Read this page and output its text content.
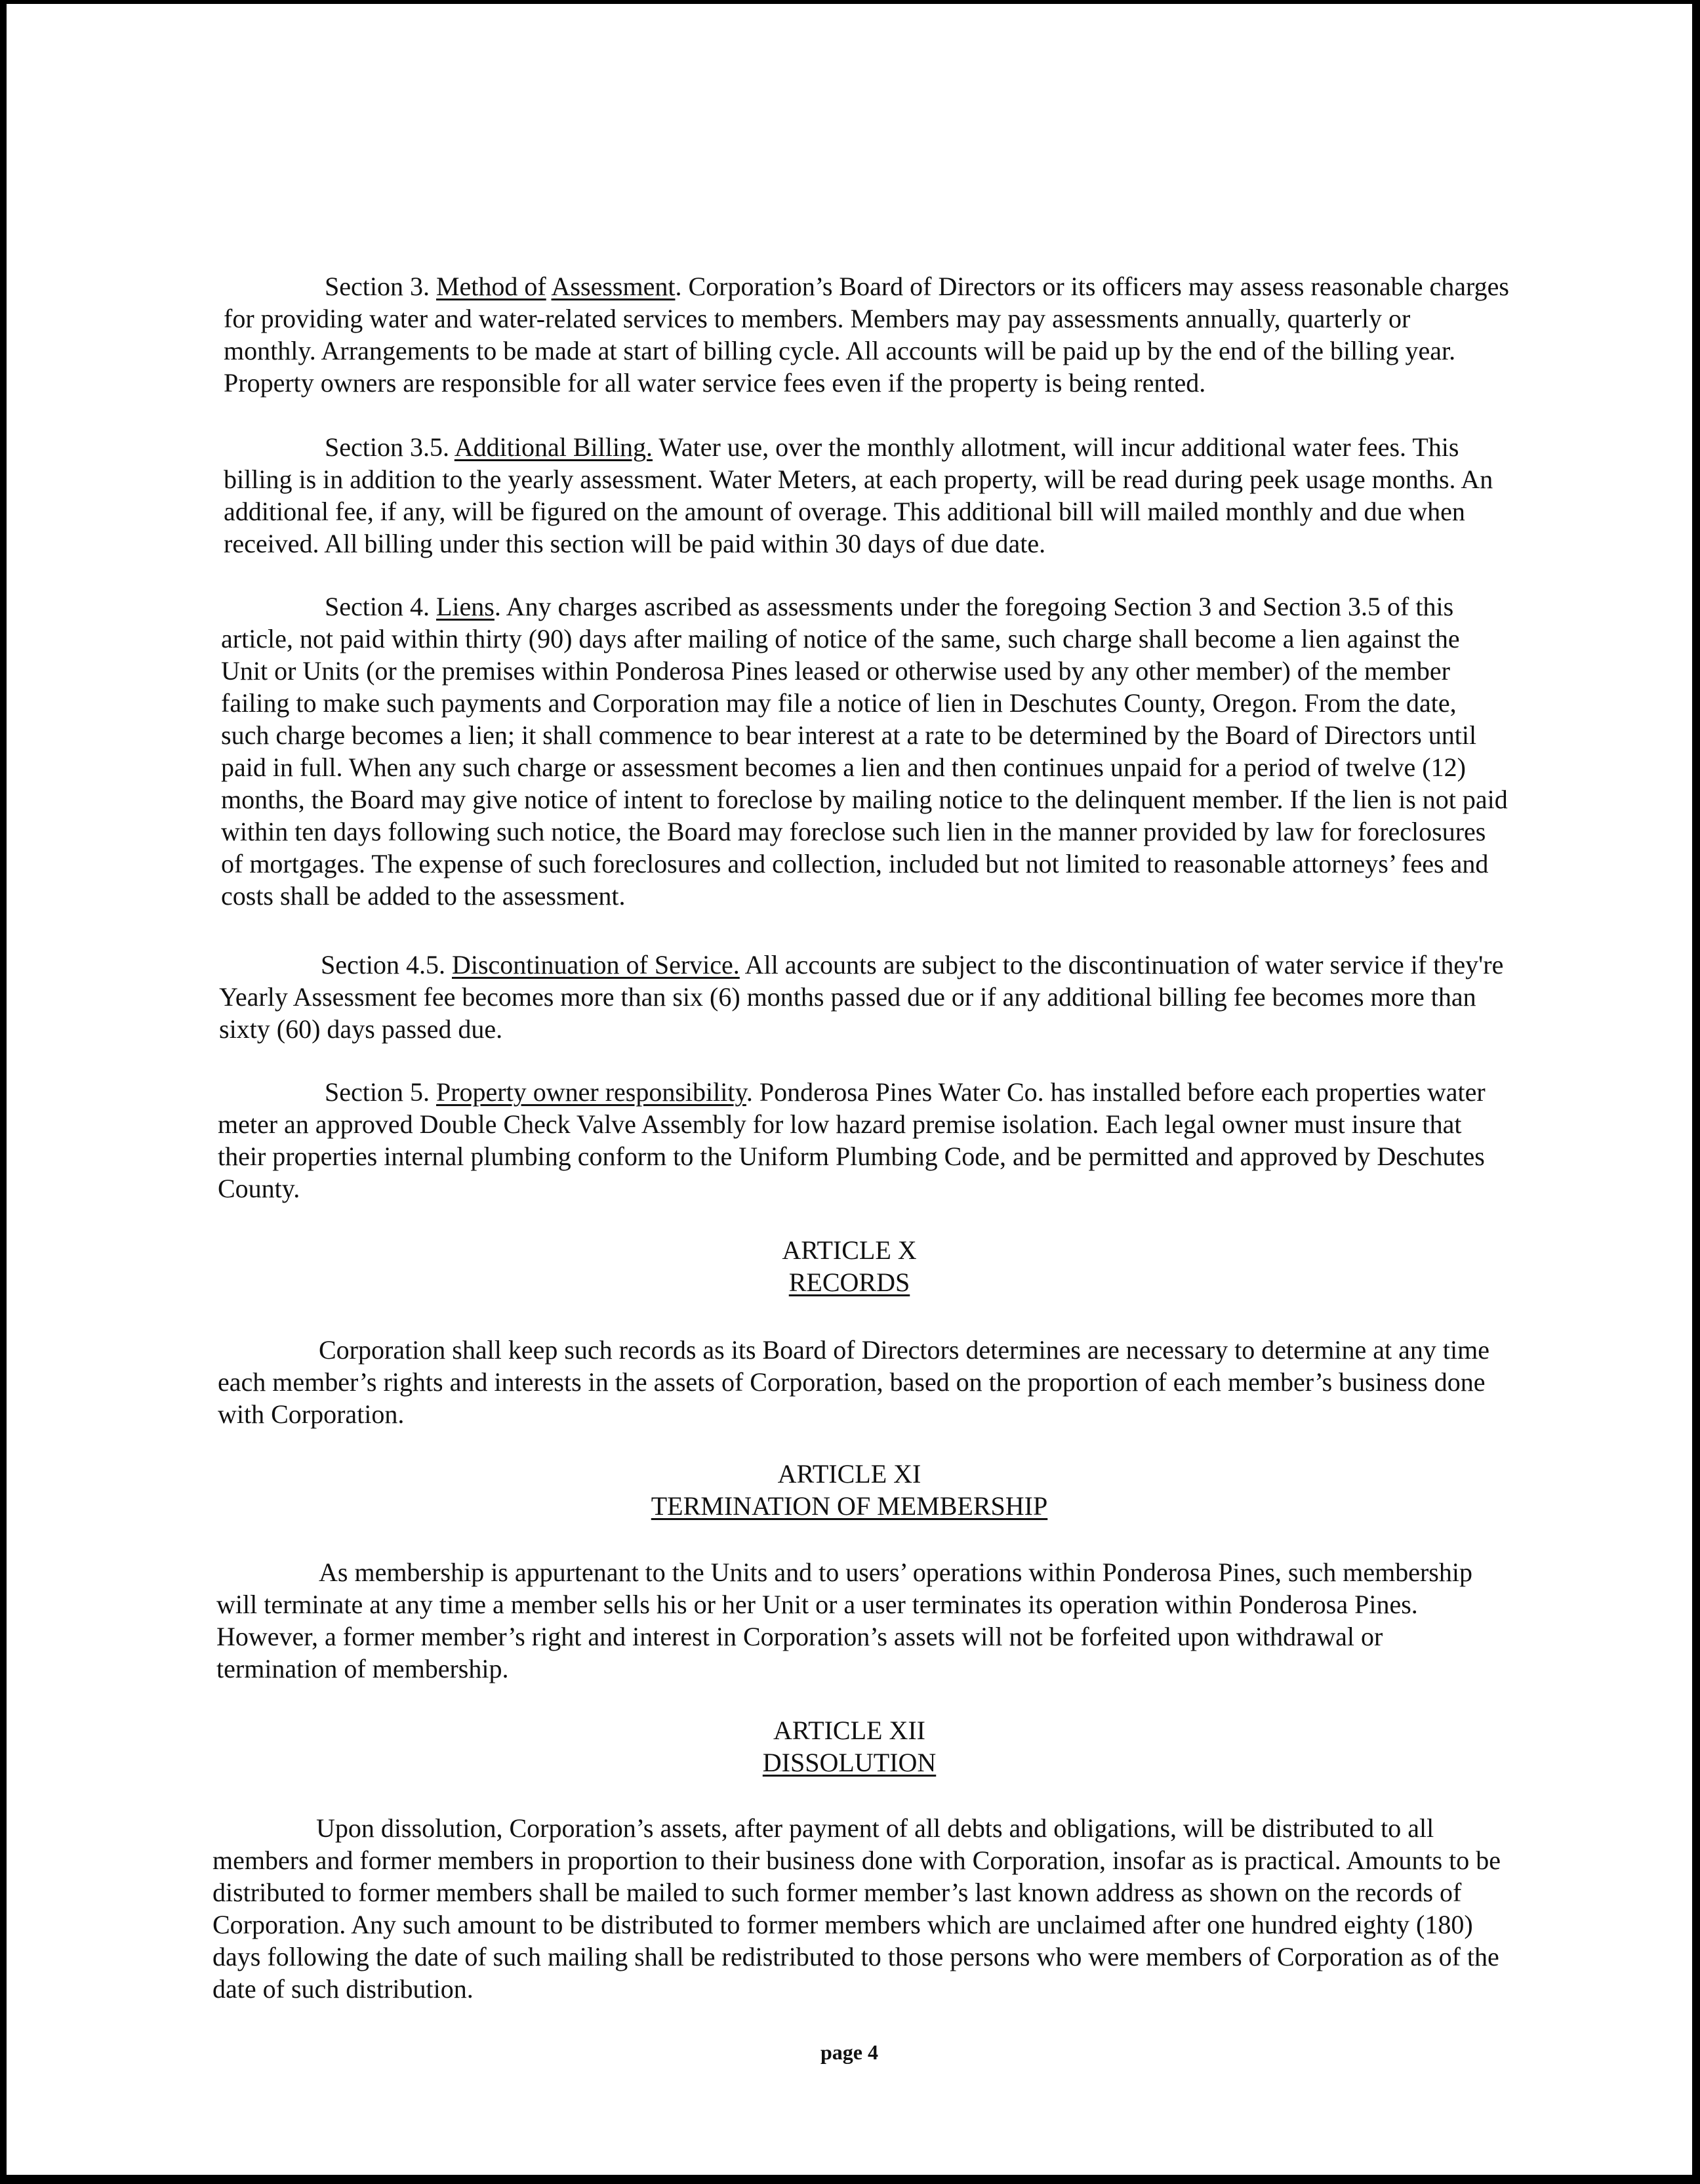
Section 3. Method of Assessment. Corporation’s Board of Directors or its officers may assess reasonable charges for providing water and water-related services to members. Members may pay assessments annually, quarterly or monthly. Arrangements to be made at start of billing cycle. All accounts will be paid up by the end of the billing year. Property owners are responsible for all water service fees even if the property is being rented.

Section 3.5. Additional Billing. Water use, over the monthly allotment, will incur additional water fees. This billing is in addition to the yearly assessment. Water Meters, at each property, will be read during peek usage months. An additional fee, if any, will be figured on the amount of overage. This additional bill will mailed monthly and due when received. All billing under this section will be paid within 30 days of due date.

Section 4. Liens. Any charges ascribed as assessments under the foregoing Section 3 and Section 3.5 of this article, not paid within thirty (90) days after mailing of notice of the same, such charge shall become a lien against the Unit or Units (or the premises within Ponderosa Pines leased or otherwise used by any other member) of the member failing to make such payments and Corporation may file a notice of lien in Deschutes County, Oregon. From the date, such charge becomes a lien; it shall commence to bear interest at a rate to be determined by the Board of Directors until paid in full. When any such charge or assessment becomes a lien and then continues unpaid for a period of twelve (12) months, the Board may give notice of intent to foreclose by mailing notice to the delinquent member. If the lien is not paid within ten days following such notice, the Board may foreclose such lien in the manner provided by law for foreclosures of mortgages. The expense of such foreclosures and collection, included but not limited to reasonable attorneys’ fees and costs shall be added to the assessment.

Section 4.5. Discontinuation of Service. All accounts are subject to the discontinuation of water service if they're Yearly Assessment fee becomes more than six (6) months passed due or if any additional billing fee becomes more than sixty (60) days passed due.

Section 5. Property owner responsibility. Ponderosa Pines Water Co. has installed before each properties water meter an approved Double Check Valve Assembly for low hazard premise isolation. Each legal owner must insure that their properties internal plumbing conform to the Uniform Plumbing Code, and be permitted and approved by Deschutes County.

ARTICLE X
RECORDS

Corporation shall keep such records as its Board of Directors determines are necessary to determine at any time each member’s rights and interests in the assets of Corporation, based on the proportion of each member’s business done with Corporation.

ARTICLE XI
TERMINATION OF MEMBERSHIP

As membership is appurtenant to the Units and to users’ operations within Ponderosa Pines, such membership will terminate at any time a member sells his or her Unit or a user terminates its operation within Ponderosa Pines. However, a former member’s right and interest in Corporation’s assets will not be forfeited upon withdrawal or termination of membership.

ARTICLE XII
DISSOLUTION

Upon dissolution, Corporation’s assets, after payment of all debts and obligations, will be distributed to all members and former members in proportion to their business done with Corporation, insofar as is practical. Amounts to be distributed to former members shall be mailed to such former member’s last known address as shown on the records of Corporation. Any such amount to be distributed to former members which are unclaimed after one hundred eighty (180) days following the date of such mailing shall be redistributed to those persons who were members of Corporation as of the date of such distribution.

page 4
